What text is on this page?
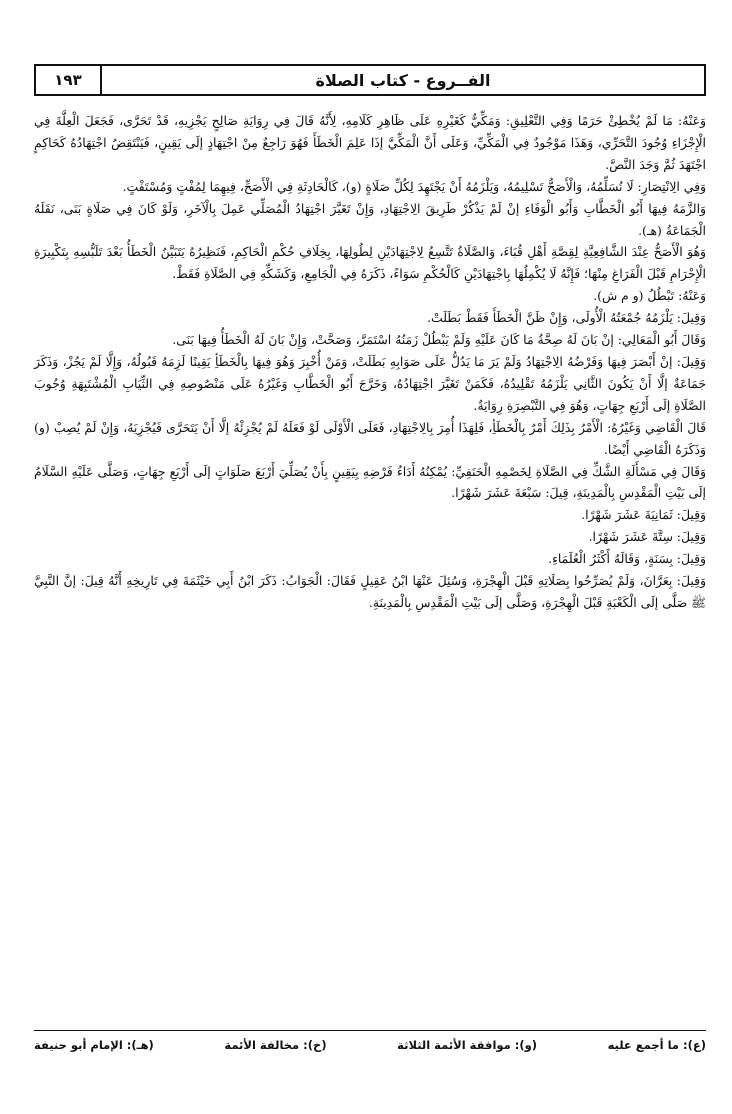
١٩٣	الفــروع - كتاب الصلاة

وَعَنْهُ: مَا لَمْ يُخْطِئْ حَرَمًا وَفِي التَّعْلِيقِ: وَمَكِّيٌّ كَغَيْرِهِ عَلَى ظَاهِرِ كَلَامِهِ، لِأَنَّهُ قَالَ فِي رِوَايَةِ صَالِحٍ يَجْزِيهِ، قَدْ تَحَرَّى، فَجَعَلَ الْعِلَّةَ فِي الْإِجْزَاءِ وُجُودَ التَّحَرِّي، وَهَذَا مَوْجُودٌ فِي الْمَكِّيِّ، وَعَلَى أَنَّ الْمَكِّيَّ إذَا عَلِمَ الْخَطَأَ فَهُوَ رَاجِعٌ مِنْ اجْتِهَادٍ إلَى يَقِينٍ، فَيَنْتَقِضُ اجْتِهَادُهُ كَحَاكِمٍ اجْتَهَدَ ثُمَّ وَجَدَ النَّصَّ.

وَفِي الِانْتِصَارِ: لَا نُسَلِّمُهُ، وَالْأَصَحُّ تَسْلِيمُهُ، وَيَلْزَمُهُ أَنْ يَجْتَهِدَ لِكُلِّ صَلَاةٍ (و)، كَالْحَادِثَةِ فِي الْأَصَحِّ، فِيهِمَا لِمُفْتٍ وَمُسْتَفْتٍ.

وَالزَّمَهُ فِيهَا أَبُو الْخَطَّابِ وَأَبُو الْوَفَاءِ إنْ لَمْ يَذْكُرْ طَرِيقَ الِاجْتِهَادِ، وَإِنْ تَغَيَّرَ اجْتِهَادُ الْمُصَلِّي عَمِلَ بِالْآخَرِ، وَلَوْ كَانَ فِي صَلَاةٍ بَنَى، نَقَلَهُ الْجَمَاعَةُ (هـ).

وَهُوَ الْأَصَحُّ عِنْدَ الشَّافِعِيَّةِ لِقِصَّةِ أَهْلِ قُبَاءَ، وَالصَّلَاةُ تَتَّسِعُ لِاجْتِهَادَيْنِ لِطُولِهَا، بِخِلَافِ حُكْمِ الْحَاكِمِ، فَنَظِيرُهُ يَتَبَيَّنُ الْخَطَأُ بَعْدَ تَلَبُّسِهِ بِتَكْبِيرَةِ الْإِحْرَامِ قَبْلَ الْفَرَاغِ مِنْهَا؛ فَإِنَّهُ لَا يُكْمِلُهَا بِاجْتِهَادَيْنِ كَالْحُكْمِ سَوَاءً، ذَكَرَهُ فِي الْجَامِعِ، وَكَشَكِّهِ فِي الصَّلَاةِ فَقَطْ.

وَعَنْهُ: تَبْطُلُ (و م ش).

وَقِيلَ: يَلْزَمُهُ جُمْعَتُهُ الْأُولَى، وَإِنْ ظَنَّ الْخَطَأَ فَقَطْ بَطَلَتْ.

وَقَالَ أَبُو الْمَعَالِي: إنْ بَانَ لَهُ صِحَّةُ مَا كَانَ عَلَيْهِ وَلَمْ يَبْطُلْ زَمَنُهُ اسْتَمَرَّ، وَصَحَّتْ، وَإِنْ بَانَ لَهُ الْخَطَأُ فِيهَا بَنَى.

وَقِيلَ: إنْ أَبْصَرَ فِيهَا وَفَرْضُهُ الِاجْتِهَادُ وَلَمْ يَرَ مَا يَدُلُّ عَلَى صَوَابِهِ بَطَلَتْ، وَمَنْ أُخْبِرَ وَهُوَ فِيهَا بِالْخَطَأِ يَقِينًا لَزِمَهُ قَبُولُهُ، وَإِلَّا لَمْ يَجُزْ، وَذَكَرَ جَمَاعَةٌ إلَّا أَنْ يَكُونَ الثَّانِي يَلْزَمُهُ تَقْلِيدُهُ، فَكَمَنْ تَغَيَّرَ اجْتِهَادُهُ، وَخَرَّجَ أَبُو الْخَطَّابِ وَغَيْرُهُ عَلَى مَنْصُوصِهِ فِي الثِّيَابِ الْمُشْتَبِهَةِ وُجُوبَ الصَّلَاةِ إلَى أَرْبَعِ جِهَاتٍ، وَهُوَ فِي التَّبْصِرَةِ رِوَايَةٌ.

قَالَ الْقَاضِي وَغَيْرُهُ: الْأَمْرُ بِذَلِكَ أَمْرٌ بِالْخَطَأِ، فَلِهَذَا أُمِرَ بِالِاجْتِهَادِ، فَعَلَى الْأَوْلَى لَوْ فَعَلَهُ لَمْ يُجْزِئْهُ إلَّا أَنْ يَتَحَرَّى فَيُجْزِيَهُ، وَإِنْ لَمْ يُصِبْ (و) وَذَكَرَهُ الْقَاضِي أَيْضًا.

وَقَالَ فِي مَسْأَلَةِ الشَّكِّ فِي الصَّلَاةِ لِخَصْمِهِ الْحَنَفِيِّ: يُمْكِنُهُ أَدَاءُ فَرْضِهِ بِيَقِينٍ بِأَنْ يُصَلِّيَ أَرْبَعَ صَلَوَاتٍ إلَى أَرْبَعِ جِهَاتٍ، وَصَلَّى عَلَيْهِ السَّلَامُ إلَى بَيْتِ الْمَقْدِسِ بِالْمَدِينَةِ، قِيلَ: سَبْعَةَ عَشَرَ شَهْرًا.

وَقِيلَ: ثَمَانِيَةَ عَشَرَ شَهْرًا.

وَقِيلَ: سِتَّةَ عَشَرَ شَهْرًا.

وَقِيلَ: بِسَنَةٍ، وَقَالَهُ أَكْثَرُ الْعُلَمَاءِ.

وَقِيلَ: بِعَرَّانَ، وَلَمْ يُصَرِّحُوا بِصَلَاتِهِ قَبْلَ الْهِجْرَةِ، وَسُئِلَ عَنْهَا ابْنُ عَقِيلٍ فَقَالَ: الْجَوَابُ: ذَكَرَ ابْنُ أَبِي خَيْثَمَةَ فِي تَارِيخِهِ أَنَّهُ قِيلَ: إنَّ النَّبِيَّ ﷺ صَلَّى إلَى الْكَعْبَةِ قَبْلَ الْهِجْرَةِ، وَصَلَّى إلَى بَيْتِ الْمَقْدِسِ بِالْمَدِينَةِ.

(ع): ما أجمع عليه
(و): موافقة الأئمة الثلاثة
(خ): مخالفة الأئمة
(هـ): الإمام أبو حنيفة
